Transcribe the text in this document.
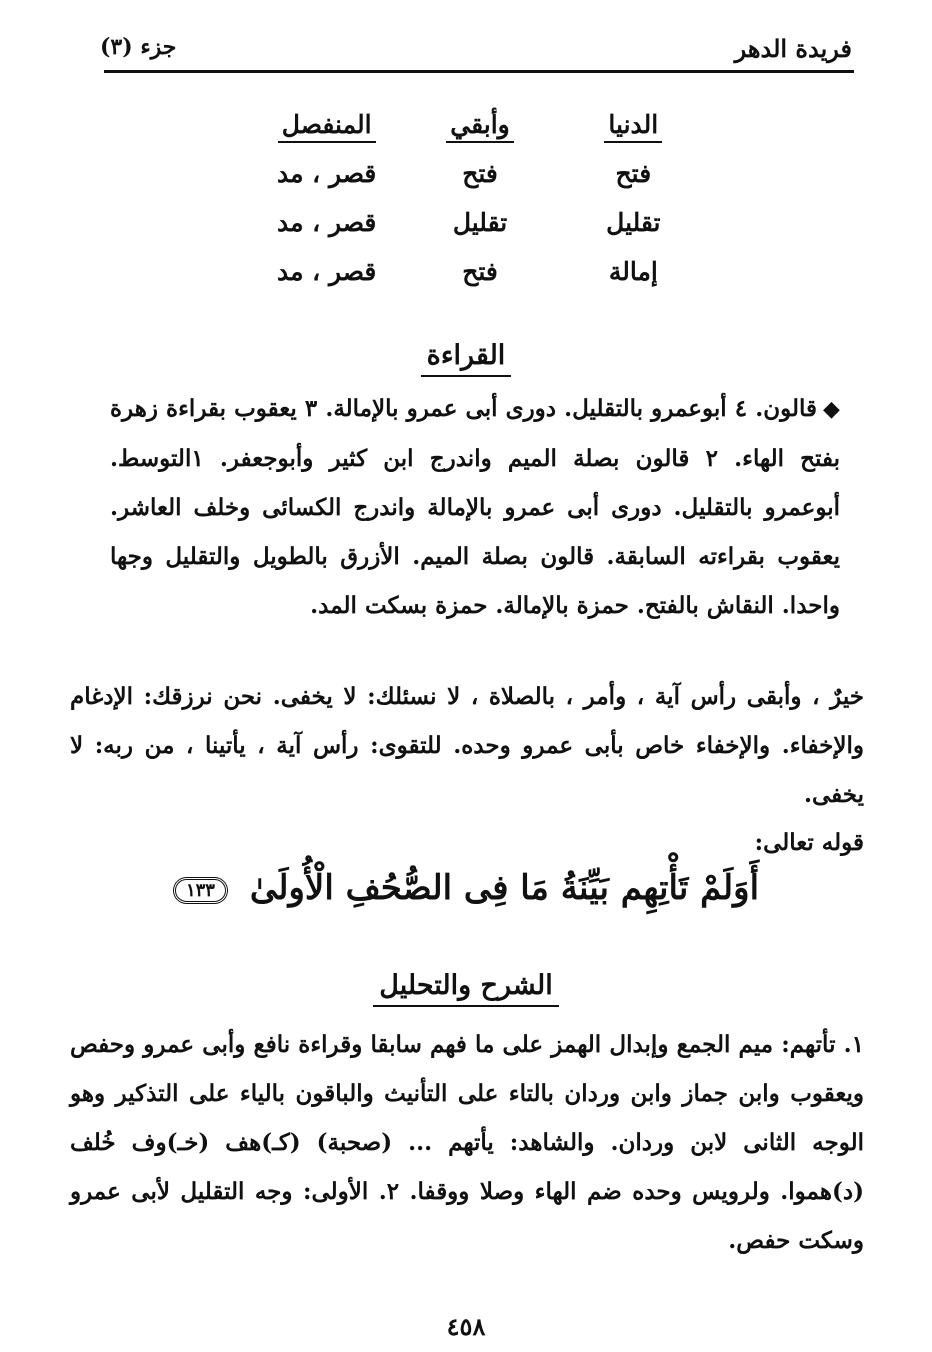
فريدة الدهر
جزء (٣)
الدنيا
وأبقي
المنفصل
فتح
فتح
قصر ، مد
تقليل
تقليل
قصر ، مد
إمالة
فتح
قصر ، مد
القراءة
◆قالون. ٤ أبوعمرو بالتقليل. دورى أبى عمرو بالإمالة. ٣ يعقوب بقراءة زهرة بفتح الهاء. ٢ قالون بصلة الميم واندرج ابن كثير وأبوجعفر. ١التوسط. أبوعمرو بالتقليل. دورى أبى عمرو بالإمالة واندرج الكسائى وخلف العاشر. يعقوب بقراءته السابقة. قالون بصلة الميم. الأزرق بالطويل والتقليل وجها واحدا. النقاش بالفتح. حمزة بالإمالة. حمزة بسكت المد.
خيرٌ ، وأبقى رأس آية ، وأمر ، بالصلاة ، لا نسئلك: لا يخفى. نحن نرزقك: الإدغام والإخفاء. والإخفاء خاص بأبى عمرو وحده. للتقوى: رأس آية ، يأتينا ، من ربه: لا يخفى.
قوله تعالى:
أَوَلَمْ تَأْتِهِم بَيِّنَةُ مَا فِى الصُّحُفِ الْأُولَىٰ ١٣٣
الشرح والتحليل
١. تأتهم: ميم الجمع وإبدال الهمز على ما فهم سابقا وقراءة نافع وأبى عمرو وحفص ويعقوب وابن جماز وابن وردان بالتاء على التأنيث والباقون بالياء على التذكير وهو الوجه الثانى لابن وردان. والشاهد: يأتهم ... (صحبة) (كـ)هف (خـ)وف خُلف (د)هموا. ولرويس وحده ضم الهاء وصلا ووقفا. ٢. الأولى: وجه التقليل لأبى عمرو وسكت حفص.
٤٥٨
